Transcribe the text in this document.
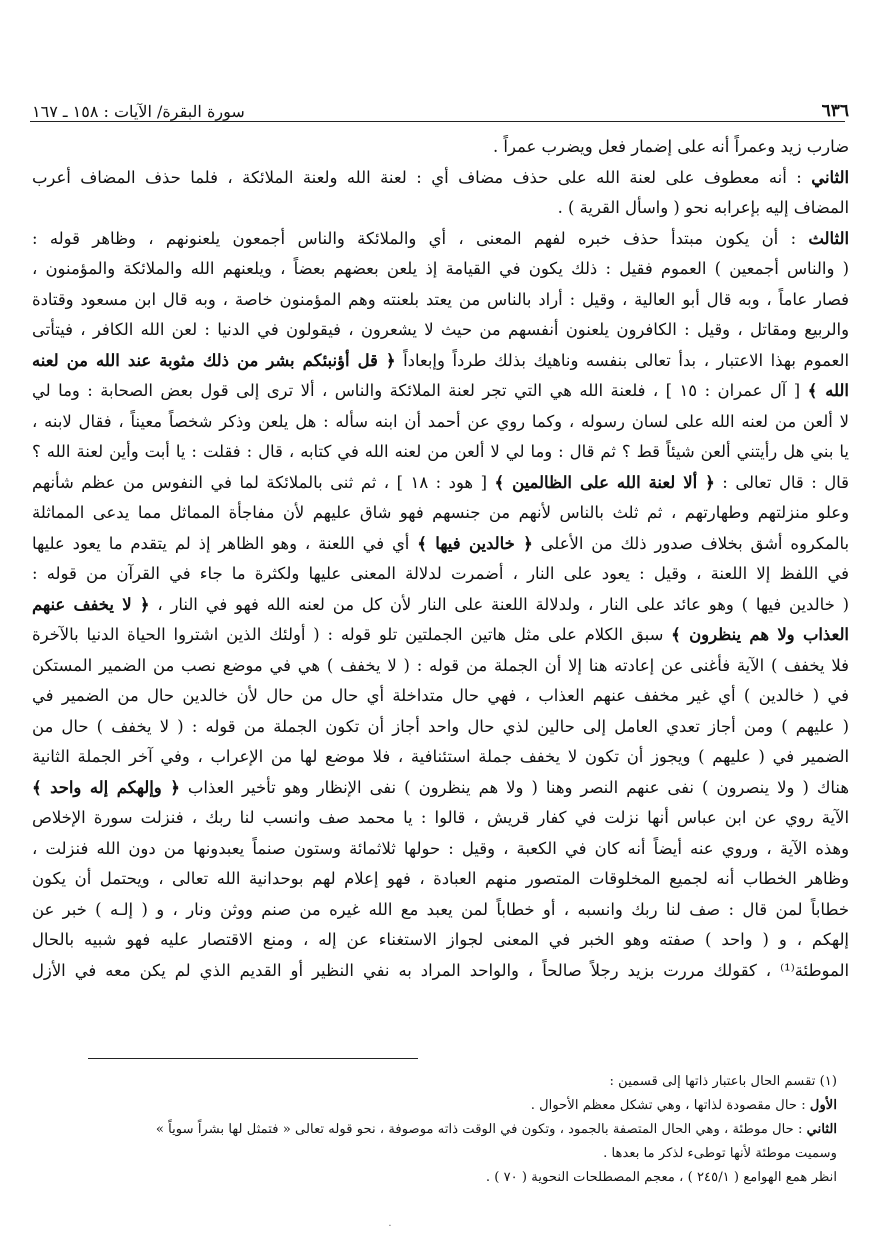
٦٣٦
سورة البقرة/ الآيات : ١٥٨ ـ ١٦٧
ضارب زيد وعمراً أنه على إضمار فعل ويضرب عمراً .
الثاني : أنه معطوف على لعنة الله على حذف مضاف أي : لعنة الله ولعنة الملائكة ، فلما حذف المضاف أعرب
المضاف إليه بإعرابه نحو ( واسأل القرية ) .
الثالث : أن يكون مبتدأ حذف خبره لفهم المعنى ، أي والملائكة والناس أجمعون يلعنونهم ، وظاهر قوله :
( والناس أجمعين ) العموم فقيل : ذلك يكون في القيامة إذ يلعن بعضهم بعضاً ، ويلعنهم الله والملائكة والمؤمنون ،
فصار عاماً ، وبه قال أبو العالية ، وقيل : أراد بالناس من يعتد بلعنته وهم المؤمنون خاصة ، وبه قال ابن مسعود وقتادة
والربيع ومقاتل ، وقيل : الكافرون يلعنون أنفسهم من حيث لا يشعرون ، فيقولون في الدنيا : لعن الله الكافر ، فيتأتى
العموم بهذا الاعتبار ، بدأ تعالى بنفسه وناهيك بذلك طرداً وإبعاداً ﴿ قل أؤنبئكم بشر من ذلك مثوبة عند الله من لعنه
الله ﴾ [ آل عمران : ١٥ ] ، فلعنة الله هي التي تجر لعنة الملائكة والناس ، ألا ترى إلى قول بعض الصحابة : وما لي
لا ألعن من لعنه الله على لسان رسوله ، وكما روي عن أحمد أن ابنه سأله : هل يلعن وذكر شخصاً معيناً ، فقال لابنه ،
يا بني هل رأيتني ألعن شيئاً قط ؟ ثم قال : وما لي لا ألعن من لعنه الله في كتابه ، قال : فقلت : يا أبت وأين لعنة الله ؟
قال : قال تعالى : ﴿ ألا لعنة الله على الظالمين ﴾ [ هود : ١٨ ] ، ثم ثنى بالملائكة لما في النفوس من عظم شأنهم
وعلو منزلتهم وطهارتهم ، ثم ثلث بالناس لأنهم من جنسهم فهو شاق عليهم لأن مفاجأة المماثل مما يدعى المماثلة
بالمكروه أشق بخلاف صدور ذلك من الأعلى ﴿ خالدين فيها ﴾ أي في اللعنة ، وهو الظاهر إذ لم يتقدم ما يعود عليها
في اللفظ إلا اللعنة ، وقيل : يعود على النار ، أضمرت لدلالة المعنى عليها ولكثرة ما جاء في القرآن من قوله :
( خالدين فيها ) وهو عائد على النار ، ولدلالة اللعنة على النار لأن كل من لعنه الله فهو في النار ، ﴿ لا يخفف عنهم
العذاب ولا هم ينظرون ﴾ سبق الكلام على مثل هاتين الجملتين تلو قوله : ( أولئك الذين اشتروا الحياة الدنيا بالآخرة
فلا يخفف ) الآية فأغنى عن إعادته هنا إلا أن الجملة من قوله : ( لا يخفف ) هي في موضع نصب من الضمير المستكن
في ( خالدين ) أي غير مخفف عنهم العذاب ، فهي حال متداخلة أي حال من حال لأن خالدين حال من الضمير في
( عليهم ) ومن أجاز تعدي العامل إلى حالين لذي حال واحد أجاز أن تكون الجملة من قوله : ( لا يخفف ) حال من
الضمير في ( عليهم ) ويجوز أن تكون لا يخفف جملة استئنافية ، فلا موضع لها من الإعراب ، وفي آخر الجملة الثانية
هناك ( ولا ينصرون ) نفى عنهم النصر وهنا ( ولا هم ينظرون ) نفى الإنظار وهو تأخير العذاب ﴿ وإلهكم إله واحد ﴾
الآية روي عن ابن عباس أنها نزلت في كفار قريش ، قالوا : يا محمد صف وانسب لنا ربك ، فنزلت سورة الإخلاص
وهذه الآية ، وروي عنه أيضاً أنه كان في الكعبة ، وقيل : حولها ثلاثمائة وستون صنماً يعبدونها من دون الله فنزلت ،
وظاهر الخطاب أنه لجميع المخلوقات المتصور منهم العبادة ، فهو إعلام لهم بوحدانية الله تعالى ، ويحتمل أن يكون
خطاباً لمن قال : صف لنا ربك وانسبه ، أو خطاباً لمن يعبد مع الله غيره من صنم ووثن ونار ، و ( إلـه ) خبر عن
إلهكم ، و ( واحد ) صفته وهو الخبر في المعنى لجواز الاستغناء عن إله ، ومنع الاقتصار عليه فهو شبيه بالحال
الموطئة⁽¹⁾ ، كقولك مررت بزيد رجلاً صالحاً ، والواحد المراد به نفي النظير أو القديم الذي لم يكن معه في الأزل
(١) تقسم الحال باعتبار ذاتها إلى قسمين :
الأول : حال مقصودة لذاتها ، وهي تشكل معظم الأحوال .
الثاني : حال موطئة ، وهي الحال المتصفة بالجمود ، وتكون في الوقت ذاته موصوفة ، نحو قوله تعالى « فتمثل لها بشراً سوياً »
وسميت موطئة لأنها توطىء لذكر ما بعدها .
انظر همع الهوامع ( ٢٤٥/١ ) ، معجم المصطلحات النحوية ( ٧٠ ) .
·
